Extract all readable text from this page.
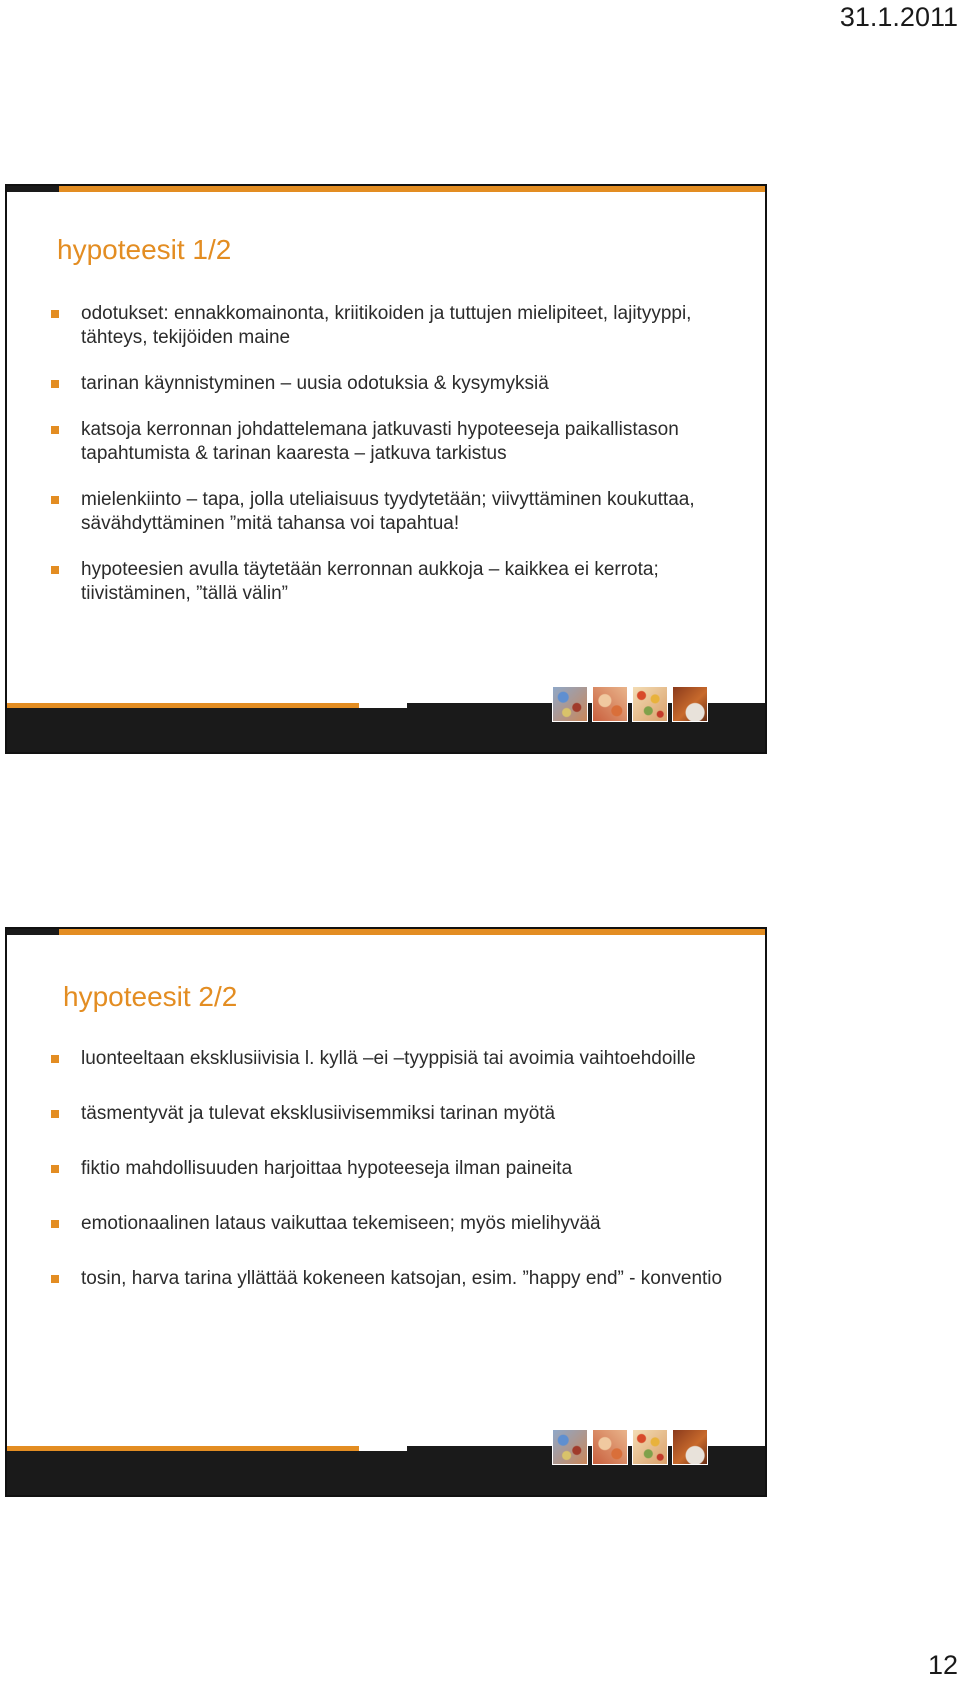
31.1.2011
hypoteesit 1/2
odotukset: ennakkomainonta, kriitikoiden ja tuttujen mielipiteet, lajityyppi, tähteys, tekijöiden maine
tarinan käynnistyminen – uusia odotuksia & kysymyksiä
katsoja kerronnan johdattelemana jatkuvasti hypoteeseja paikallistason tapahtumista & tarinan kaaresta – jatkuva tarkistus
mielenkiinto – tapa, jolla uteliaisuus tyydytetään; viivyttäminen koukuttaa, sävähdyttäminen ”mitä tahansa voi tapahtua!
hypoteesien avulla täytetään kerronnan aukkoja – kaikkea ei kerrota; tiivistäminen, ”tällä välin”
hypoteesit 2/2
luonteeltaan eksklusiivisia l. kyllä –ei –tyyppisiä tai avoimia vaihtoehdoille
täsmentyvät ja tulevat eksklusiivisemmiksi tarinan myötä
fiktio mahdollisuuden harjoittaa hypoteeseja ilman paineita
emotionaalinen lataus vaikuttaa tekemiseen; myös mielihyvää
tosin, harva tarina yllättää kokeneen katsojan, esim. ”happy end” - konventio
12
